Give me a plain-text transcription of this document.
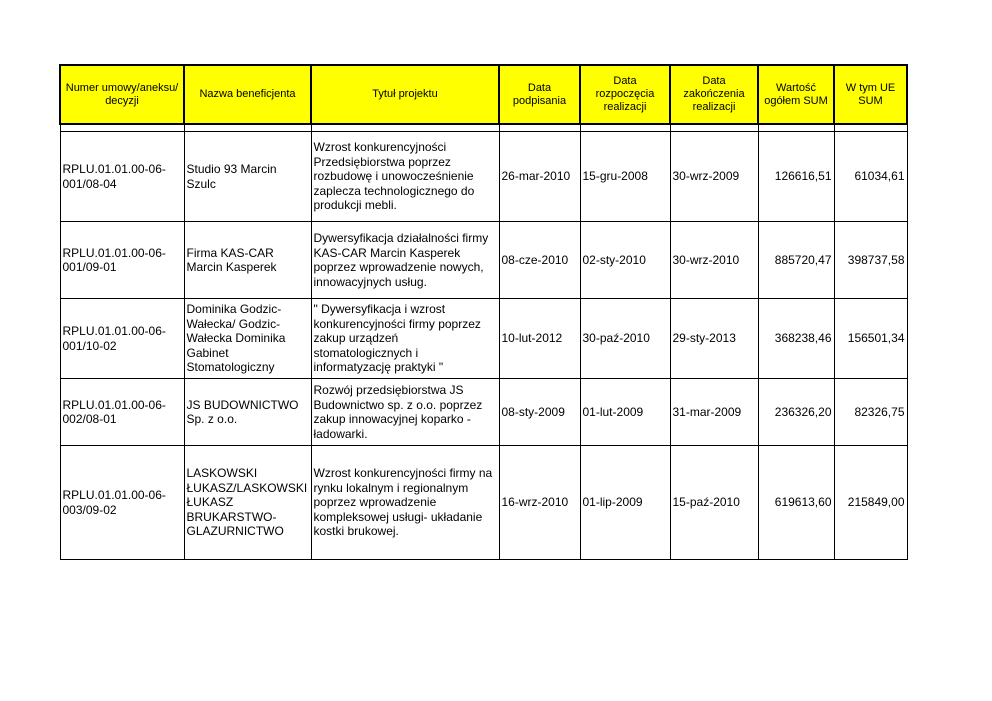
Numer umowy/aneksu/ decyzji	Nazwa beneficjenta	Tytuł projektu	Data podpisania	Data rozpoczęcia realizacji	Data zakończenia realizacji	Wartość ogółem SUM	W tym UE SUM

RPLU.01.01.00-06-001/08-04	Studio 93 Marcin Szulc	Wzrost konkurencyjności Przedsiębiorstwa poprzez rozbudowę i unowocześnienie zaplecza technologicznego do produkcji mebli.	26-mar-2010	15-gru-2008	30-wrz-2009	126616,51	61034,61
RPLU.01.01.00-06-001/09-01	Firma KAS-CAR Marcin Kasperek	Dywersyfikacja działalności firmy KAS-CAR Marcin Kasperek poprzez wprowadzenie nowych, innowacyjnych usług.	08-cze-2010	02-sty-2010	30-wrz-2010	885720,47	398737,58
RPLU.01.01.00-06-001/10-02	Dominika Godzic-Wałecka/ Godzic-Wałecka Dominika Gabinet Stomatologiczny	" Dywersyfikacja i wzrost konkurencyjności firmy poprzez zakup urządzeń stomatologicznych i informatyzację praktyki "	10-lut-2012	30-paź-2010	29-sty-2013	368238,46	156501,34
RPLU.01.01.00-06-002/08-01	JS BUDOWNICTWO Sp. z o.o.	Rozwój przedsiębiorstwa JS Budownictwo sp. z o.o. poprzez zakup innowacyjnej koparko - ładowarki.	08-sty-2009	01-lut-2009	31-mar-2009	236326,20	82326,75
RPLU.01.01.00-06-003/09-02	LASKOWSKI ŁUKASZ/LASKOWSKI ŁUKASZ BRUKARSTWO-GLAZURNICTWO	Wzrost konkurencyjności firmy na rynku lokalnym i regionalnym poprzez wprowadzenie kompleksowej usługi- układanie kostki brukowej.	16-wrz-2010	01-lip-2009	15-paź-2010	619613,60	215849,00
